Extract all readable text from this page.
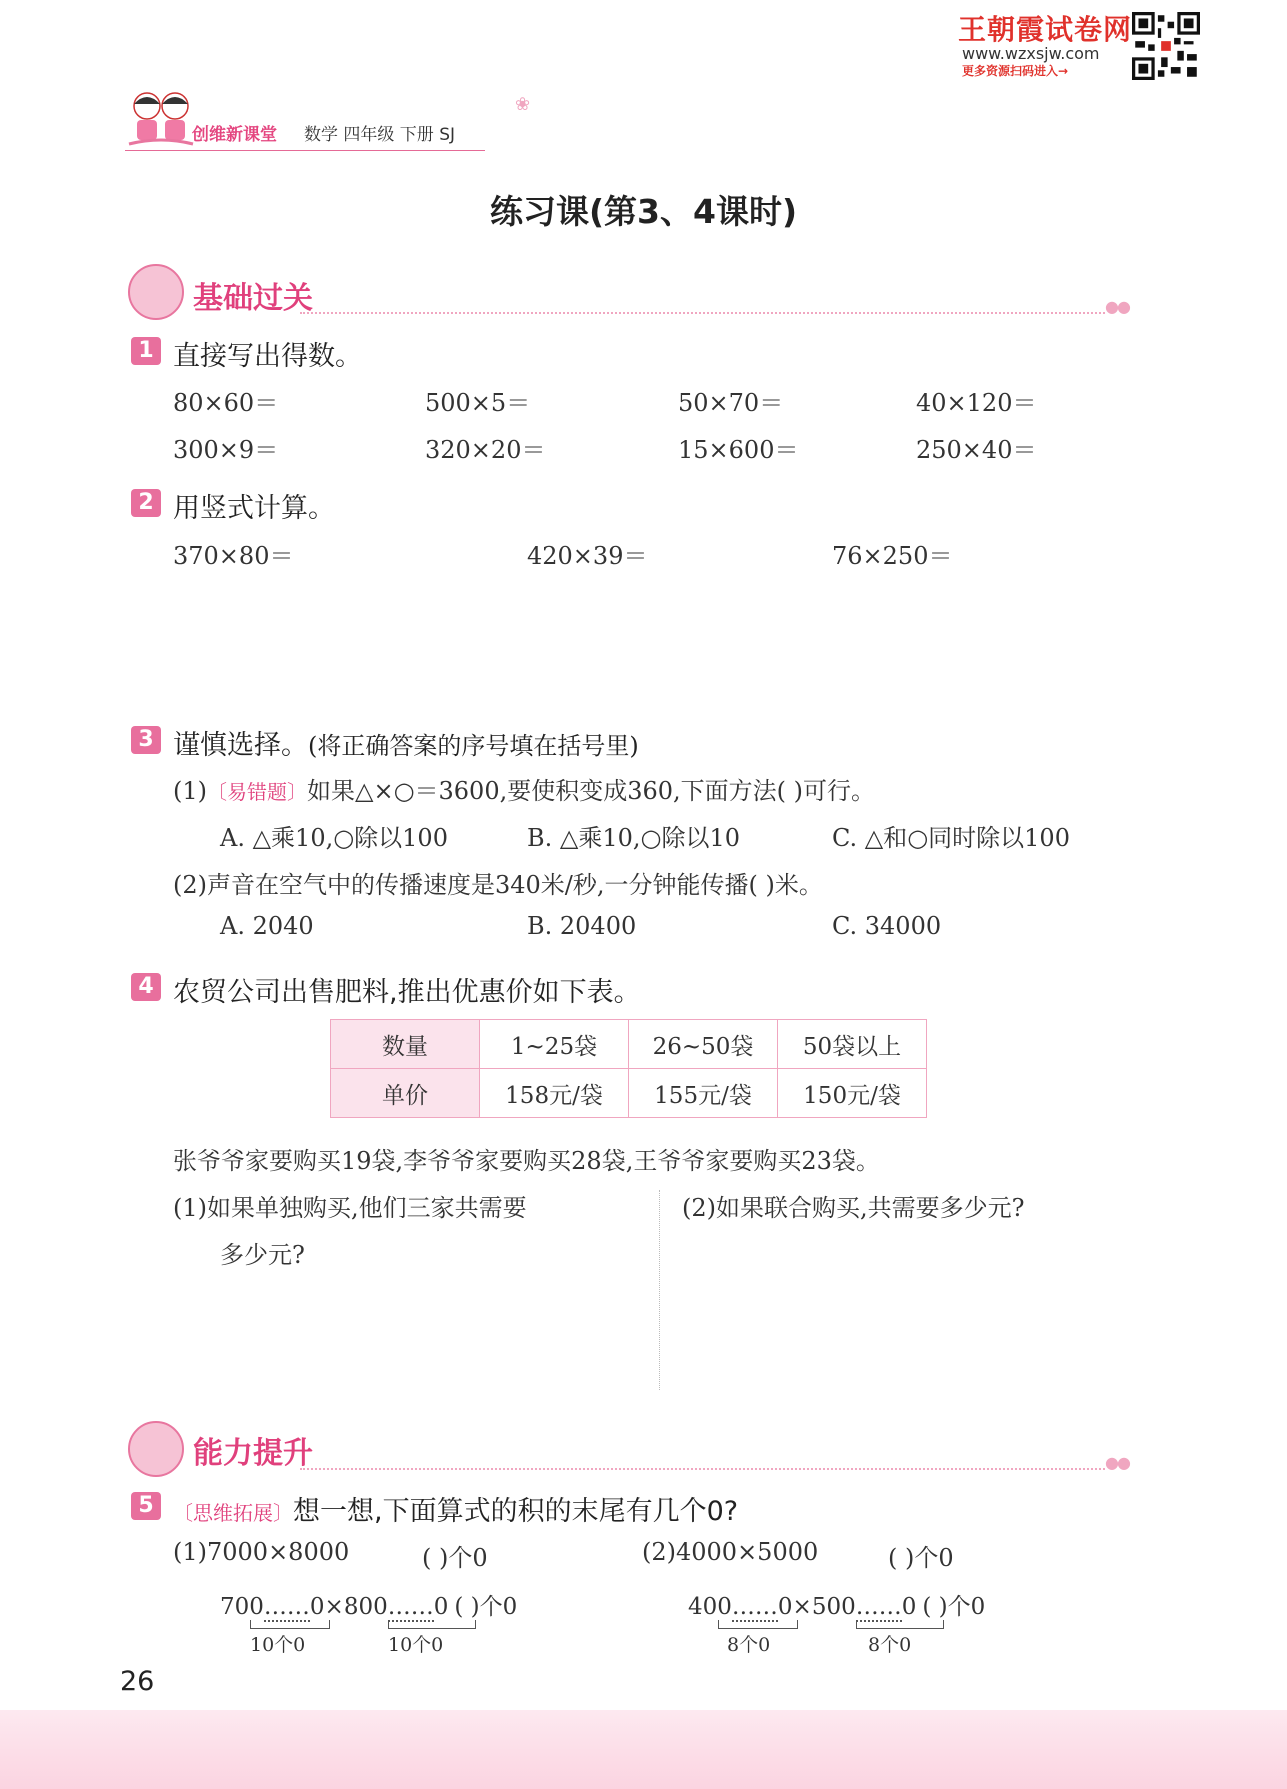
王朝霞试卷网
www.wzxsjw.com
更多资源扫码进入→
创维新课堂 数学 四年级 下册 SJ
❀
练习课(第3、4课时)
基础过关	●●
1 直接写出得数。
80×60＝	500×5＝	50×70＝	40×120＝
300×9＝	320×20＝	15×600＝	250×40＝
2 用竖式计算。
370×80＝	420×39＝	76×250＝
3 谨慎选择。(将正确答案的序号填在括号里)
(1)〔易错题〕如果△×○＝3600,要使积变成360,下面方法( )可行。
A. △乘10,○除以100	B. △乘10,○除以10	C. △和○同时除以100
(2)声音在空气中的传播速度是340米/秒,一分钟能传播( )米。
A. 2040	B. 20400	C. 34000
4 农贸公司出售肥料,推出优惠价如下表。
数量	1~25袋	26~50袋	50袋以上
单价	158元/袋	155元/袋	150元/袋
张爷爷家要购买19袋,李爷爷家要购买28袋,王爷爷家要购买23袋。
(1)如果单独购买,他们三家共需要
多少元?
(2)如果联合购买,共需要多少元?
能力提升	●●
5 〔思维拓展〕想一想,下面算式的积的末尾有几个0?
(1)7000×8000	( )个0	(2)4000×5000	( )个0
700……0×800……0 ( )个0
10个0	10个0
400……0×500……0 ( )个0
8个0	8个0
26
